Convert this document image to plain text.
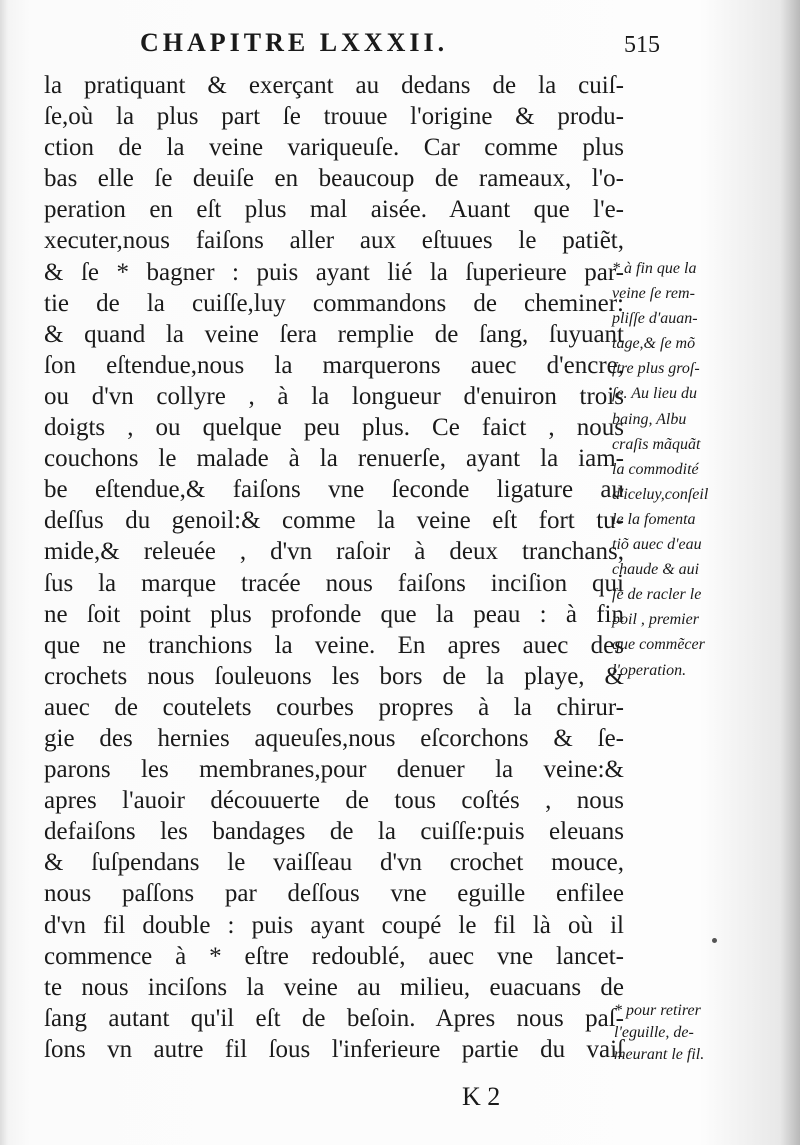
CHAPITRE LXXXII.	515
la pratiquant & exerçant au dedans de la cuiſ-
ſe,où la plus part ſe trouue l'origine & produ-
ction de la veine variqueuſe. Car comme plus
bas elle ſe deuiſe en beaucoup de rameaux, l'o-
peration en eſt plus mal aisée. Auant que l'e-
xecuter,nous faiſons aller aux eſtuues le patiẽt,
& ſe * bagner : puis ayant lié la ſuperieure par-
tie de la cuiſſe,luy commandons de cheminer:
& quand la veine ſera remplie de ſang, ſuyuant
ſon eſtendue,nous la marquerons auec d'encre,
ou d'vn collyre , à la longueur d'enuiron trois
doigts , ou quelque peu plus. Ce faict , nous
couchons le malade à la renuerſe, ayant la iam-
be eſtendue,& faiſons vne ſeconde ligature au
deſſus du genoil:& comme la veine eſt fort tu-
mide,& releuée , d'vn raſoir à deux tranchans,
ſus la marque tracée nous faiſons inciſion qui
ne ſoit point plus profonde que la peau : à fin
que ne tranchions la veine. En apres auec des
crochets nous ſouleuons les bors de la playe, &
auec de coutelets courbes propres à la chirur-
gie des hernies aqueuſes,nous eſcorchons & ſe-
parons les membranes,pour denuer la veine:&
apres l'auoir découuerte de tous coſtés , nous
defaiſons les bandages de la cuiſſe:puis eleuans
& ſuſpendans le vaiſſeau d'vn crochet mouce,
nous paſſons par deſſous vne eguille enfilee
d'vn fil double : puis ayant coupé le fil là où il
commence à * eſtre redoublé, auec vne lancet-
te nous inciſons la veine au milieu, euacuans de
ſang autant qu'il eſt de beſoin. Apres nous paſ-
ſons vn autre fil ſous l'inferieure partie du vaiſ
* à fin que la
veine ſe rem-
pliſſe d'auan-
tage,& ſe mõ
ſtre plus groſ-
ſe. Au lieu du
baing, Albu
craſis mãquãt
la commodité
d'iceluy,conſeil
le la fomenta
tiõ auec d'eau
chaude & aui
ſe de racler le
poil , premier
que commẽcer
l'operation.
* pour retirer
l'eguille, de-
meurant le fil.
K 2
